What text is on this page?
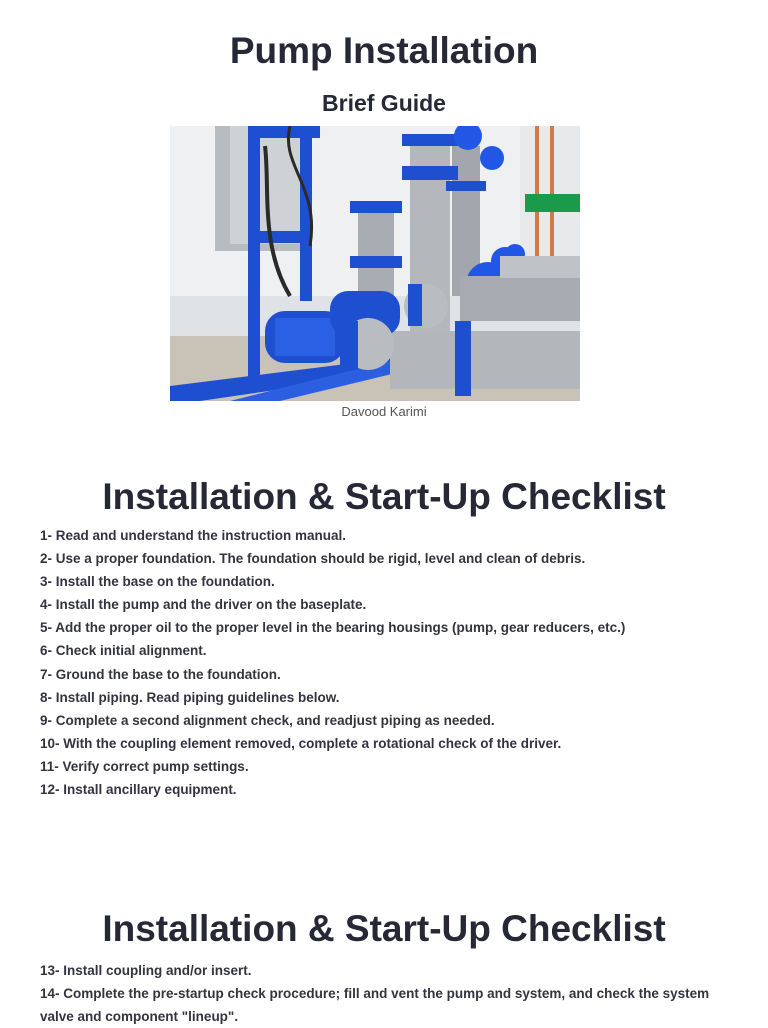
Pump Installation
Brief Guide
Davood Karimi
Installation & Start-Up Checklist
1- Read and understand the instruction manual.
2- Use a proper foundation. The foundation should be rigid, level and clean of debris.
3- Install the base on the foundation.
4- Install the pump and the driver on the baseplate.
5- Add the proper oil to the proper level in the bearing housings (pump, gear reducers, etc.)
6- Check initial alignment.
7- Ground the base to the foundation.
8- Install piping. Read piping guidelines below.
9- Complete a second alignment check, and readjust piping as needed.
10- With the coupling element removed, complete a rotational check of the driver.
11- Verify correct pump settings.
12- Install ancillary equipment.
Installation & Start-Up Checklist
13- Install coupling and/or insert.
14- Complete the pre-startup check procedure; fill and vent the pump and system, and check the system valve and component "lineup".
